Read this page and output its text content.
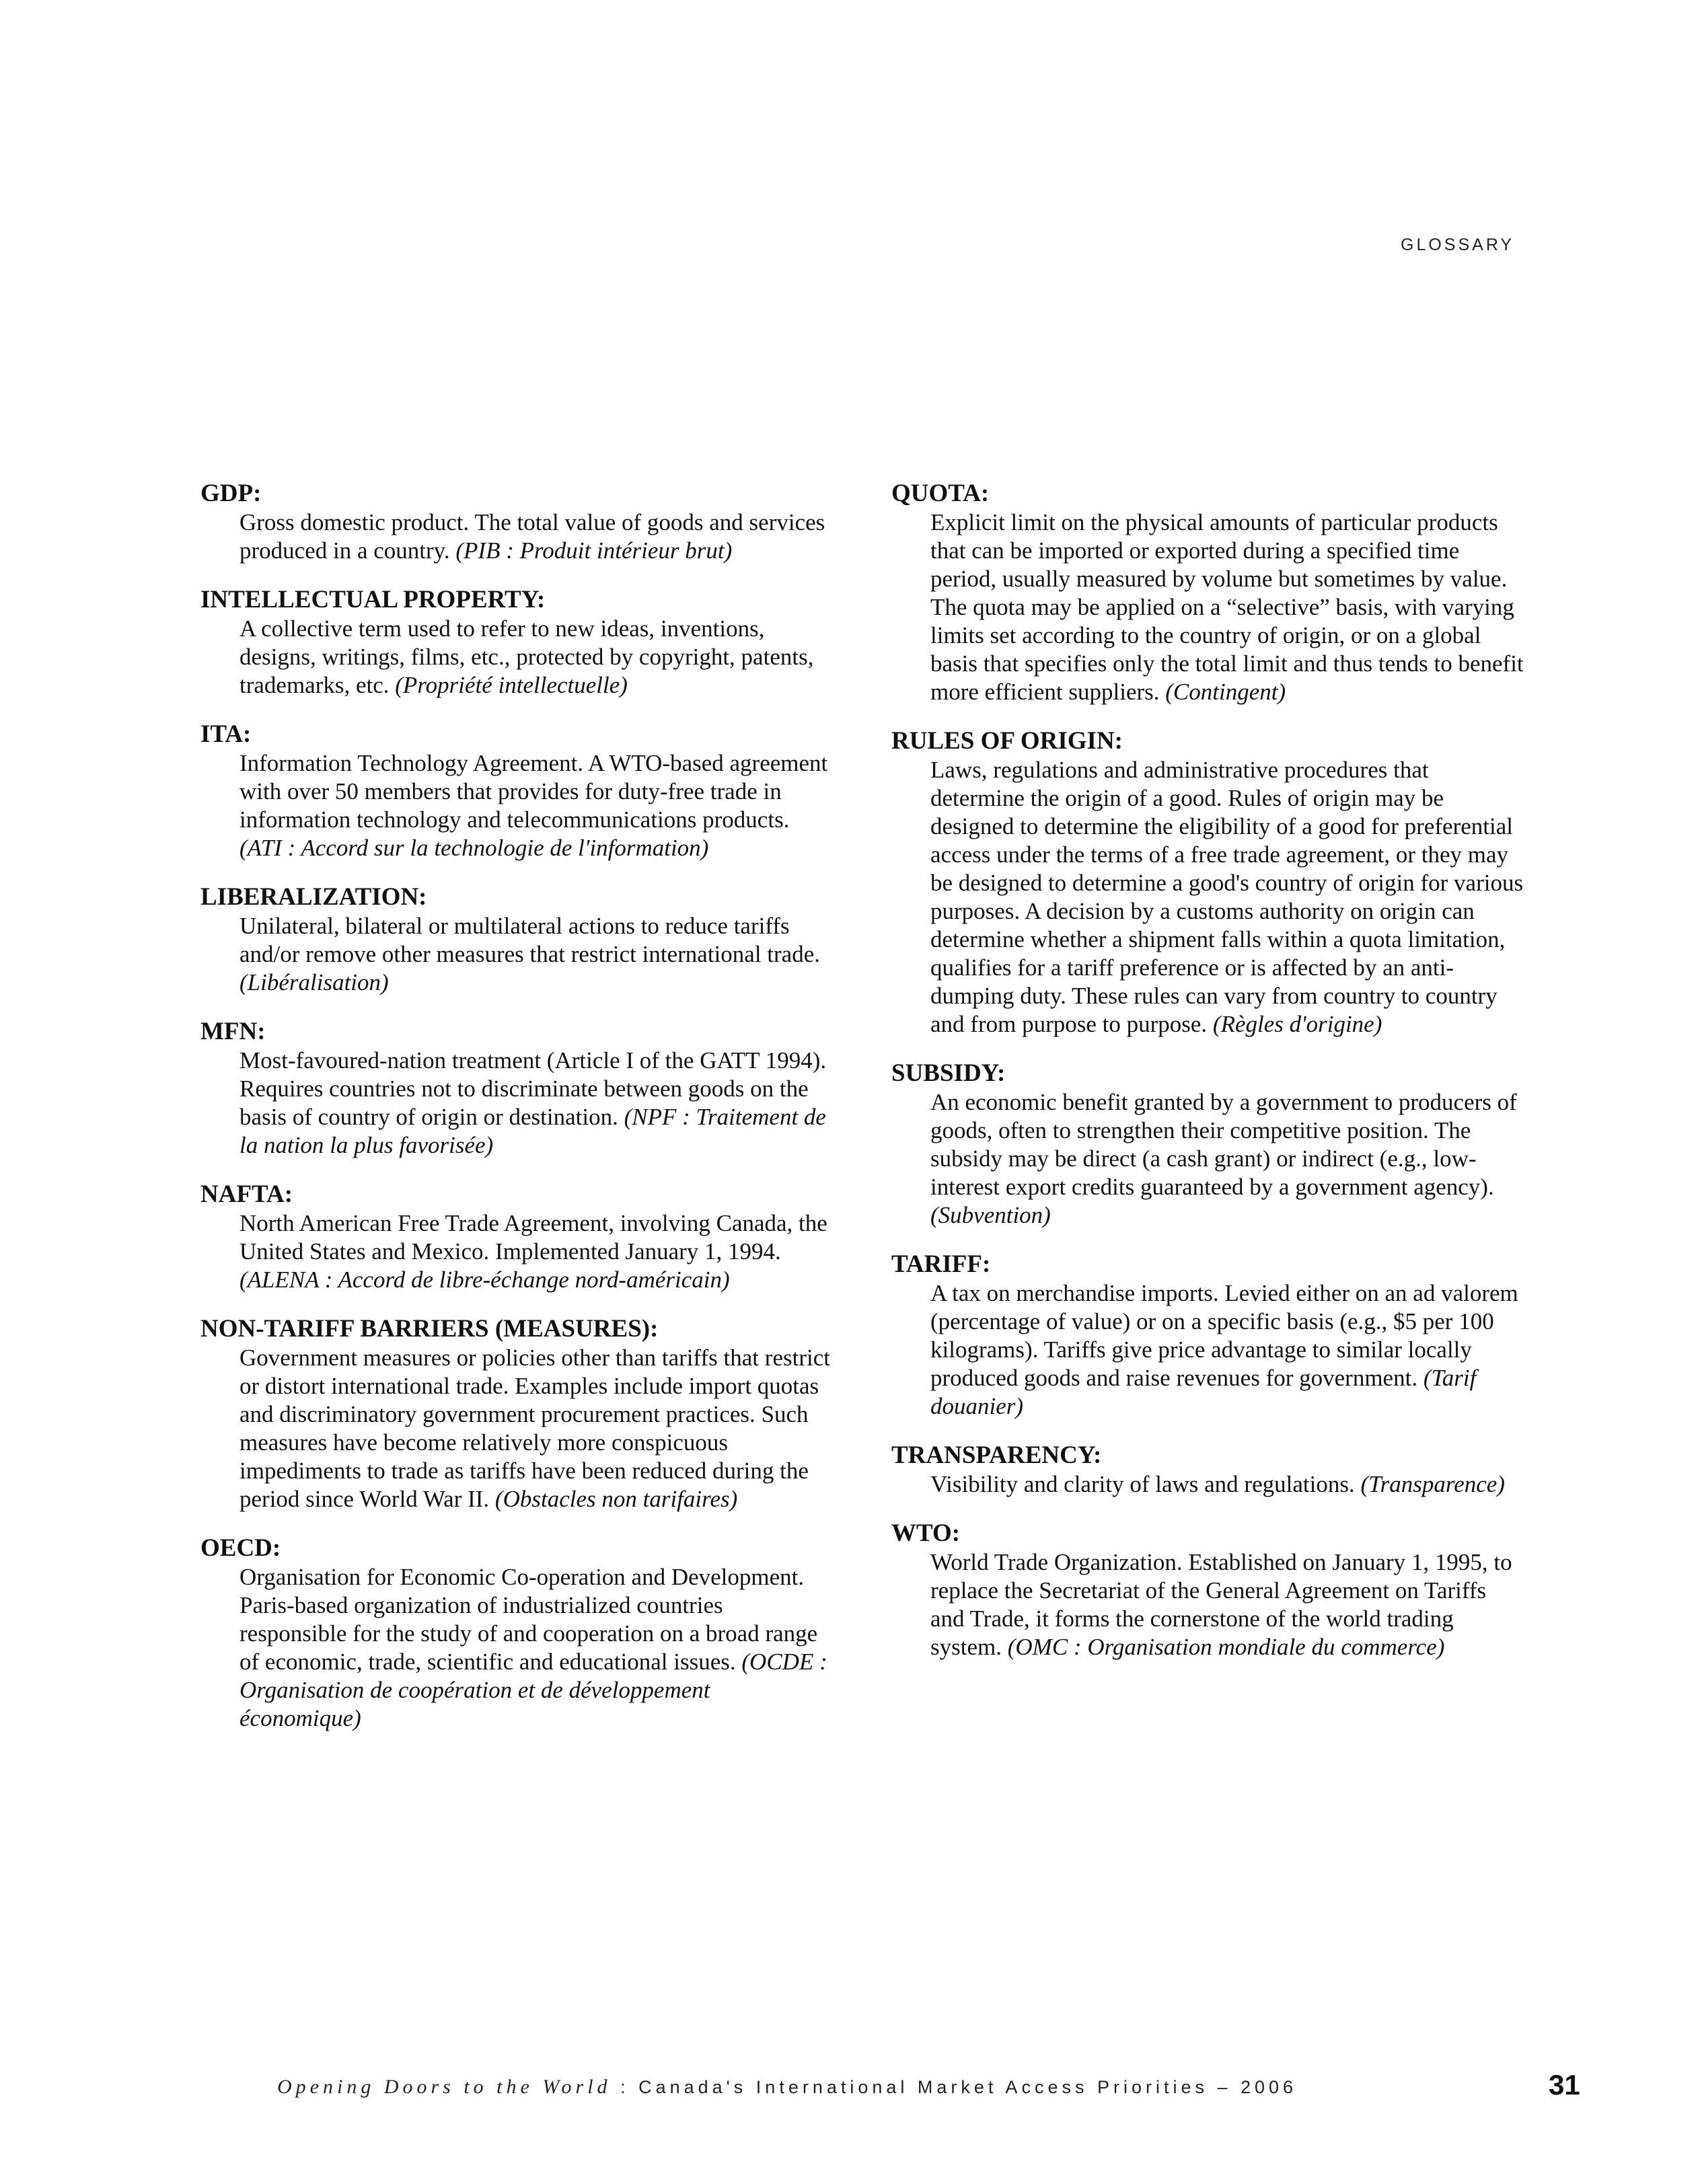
GLOSSARY

GDP:

Gross domestic product. The total value of goods and services produced in a country. (PIB : Produit intérieur brut)

INTELLECTUAL PROPERTY:

A collective term used to refer to new ideas, inventions, designs, writings, films, etc., protected by copyright, patents, trademarks, etc. (Propriété intellectuelle)

ITA:

Information Technology Agreement. A WTO-based agreement with over 50 members that provides for duty-free trade in information technology and telecommunications products. (ATI : Accord sur la technologie de l'information)

LIBERALIZATION:

Unilateral, bilateral or multilateral actions to reduce tariffs and/or remove other measures that restrict international trade. (Libéralisation)

MFN:

Most-favoured-nation treatment (Article I of the GATT 1994). Requires countries not to discriminate between goods on the basis of country of origin or destination. (NPF : Traitement de la nation la plus favorisée)

NAFTA:

North American Free Trade Agreement, involving Canada, the United States and Mexico. Implemented January 1, 1994. (ALENA : Accord de libre-échange nord-américain)

NON-TARIFF BARRIERS (MEASURES):

Government measures or policies other than tariffs that restrict or distort international trade. Examples include import quotas and discriminatory government procurement practices. Such measures have become relatively more conspicuous impediments to trade as tariffs have been reduced during the period since World War II. (Obstacles non tarifaires)

OECD:

Organisation for Economic Co-operation and Development. Paris-based organization of industrialized countries responsible for the study of and cooperation on a broad range of economic, trade, scientific and educational issues. (OCDE : Organisation de coopération et de développement économique)

QUOTA:

Explicit limit on the physical amounts of particular products that can be imported or exported during a specified time period, usually measured by volume but sometimes by value. The quota may be applied on a “selective” basis, with varying limits set according to the country of origin, or on a global basis that specifies only the total limit and thus tends to benefit more efficient suppliers. (Contingent)

RULES OF ORIGIN:

Laws, regulations and administrative procedures that determine the origin of a good. Rules of origin may be designed to determine the eligibility of a good for preferential access under the terms of a free trade agreement, or they may be designed to determine a good's country of origin for various purposes. A decision by a customs authority on origin can determine whether a shipment falls within a quota limitation, qualifies for a tariff preference or is affected by an anti-dumping duty. These rules can vary from country to country and from purpose to purpose. (Règles d'origine)

SUBSIDY:

An economic benefit granted by a government to producers of goods, often to strengthen their competitive position. The subsidy may be direct (a cash grant) or indirect (e.g., low-interest export credits guaranteed by a government agency). (Subvention)

TARIFF:

A tax on merchandise imports. Levied either on an ad valorem (percentage of value) or on a specific basis (e.g., $5 per 100 kilograms). Tariffs give price advantage to similar locally produced goods and raise revenues for government. (Tarif douanier)

TRANSPARENCY:

Visibility and clarity of laws and regulations. (Transparence)

WTO:

World Trade Organization. Established on January 1, 1995, to replace the Secretariat of the General Agreement on Tariffs and Trade, it forms the cornerstone of the world trading system. (OMC : Organisation mondiale du commerce)

Opening Doors to the World : Canada's International Market Access Priorities – 2006	31
